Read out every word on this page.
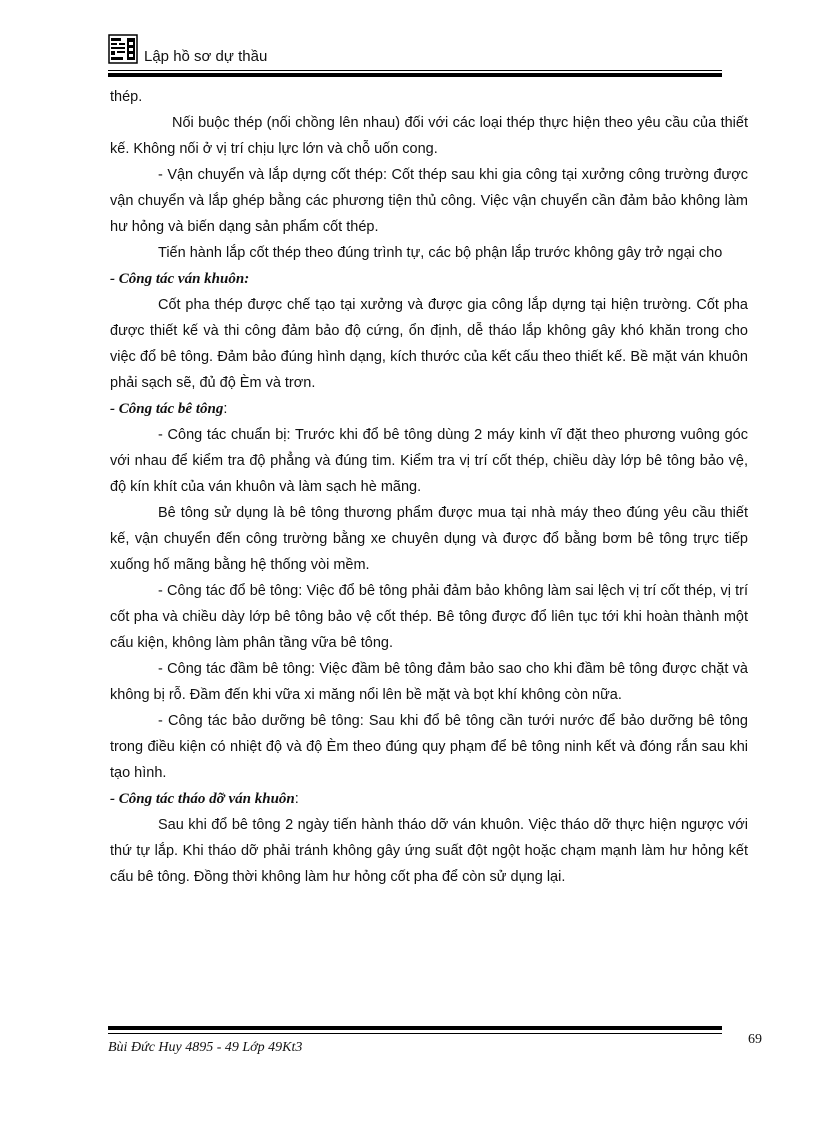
Lập hồ sơ dự thầu

thép.

Nối buộc thép (nối chồng lên nhau) đối với các loại thép thực hiện theo yêu cầu của thiết kế. Không nối ở vị trí chịu lực lớn và chỗ uốn cong.

- Vận chuyển và lắp dựng cốt thép: Cốt thép sau khi gia công tại xưởng công trường được vận chuyển và lắp ghép bằng các phương tiện thủ công. Việc vận chuyển cần đảm bảo không làm hư hỏng và biến dạng sản phẩm cốt thép.

Tiến hành lắp cốt thép theo đúng trình tự, các bộ phận lắp trước không gây trở ngại cho

- Công tác ván khuôn:

Cốt pha thép được chế tạo tại xưởng và được gia công lắp dựng tại hiện trường. Cốt pha được thiết kế và thi công đảm bảo độ cứng, ổn định, dễ tháo lắp không gây khó khăn trong cho việc đổ bê tông. Đảm bảo đúng hình dạng, kích thước của kết cấu theo thiết kế. Bề mặt ván khuôn phải sạch sẽ, đủ độ Èm và trơn.

- Công tác bê tông:

- Công tác chuẩn bị: Trước khi đổ bê tông dùng 2 máy kinh vĩ đặt theo phương vuông góc với nhau để kiểm tra độ phẳng và đúng tim. Kiểm tra vị trí cốt thép, chiều dày lớp bê tông bảo vệ, độ kín khít của ván khuôn và làm sạch hè mãng.

Bê tông sử dụng là bê tông thương phẩm được mua tại nhà máy theo đúng yêu cầu thiết kế, vận chuyển đến công trường bằng xe chuyên dụng và được đổ bằng bơm bê tông trực tiếp xuống hố mãng bằng hệ thống vòi mềm.

- Công tác đổ bê tông: Việc đổ bê tông phải đảm bảo không làm sai lệch vị trí cốt thép, vị trí cốt pha và chiều dày lớp bê tông bảo vệ cốt thép. Bê tông được đổ liên tục tới khi hoàn thành một cấu kiện, không làm phân tầng vữa bê tông.

- Công tác đầm bê tông: Việc đầm bê tông đảm bảo sao cho khi đầm bê tông được chặt và không bị rỗ. Đầm đến khi vữa xi măng nổi lên bề mặt và bọt khí không còn nữa.

- Công tác bảo dưỡng bê tông: Sau khi đổ bê tông cần tưới nước để bảo dưỡng bê tông trong điều kiện có nhiệt độ và độ Èm theo đúng quy phạm để bê tông ninh kết và đóng rắn sau khi tạo hình.

- Công tác tháo dỡ ván khuôn:

Sau khi đổ bê tông 2 ngày tiến hành tháo dỡ ván khuôn. Việc tháo dỡ thực hiện ngược với thứ tự lắp. Khi tháo dỡ phải tránh không gây ứng suất đột ngột hoặc chạm mạnh làm hư hỏng kết cấu bê tông. Đồng thời không làm hư hỏng cốt pha để còn sử dụng lại.

Bùi Đức Huy 4895 - 49 Lớp 49Kt3
69
